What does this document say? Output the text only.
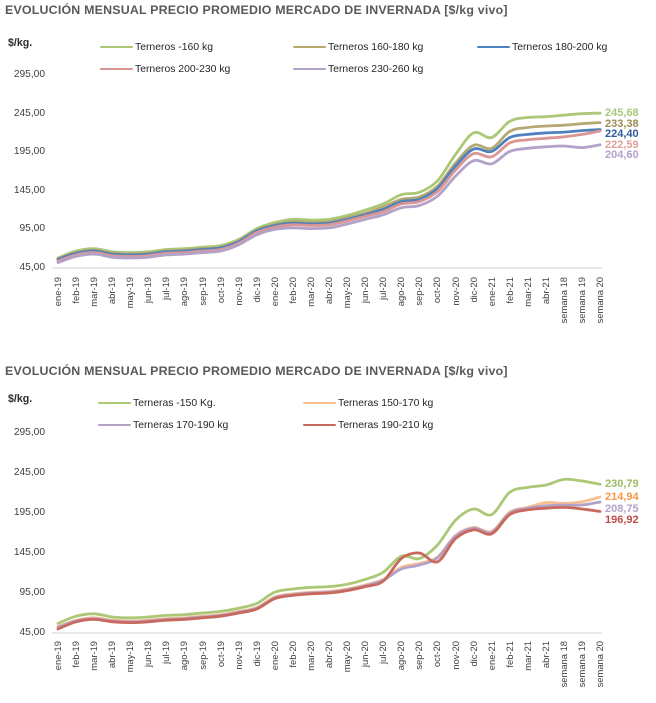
EVOLUCIÓN MENSUAL PRECIO PROMEDIO MERCADO DE INVERNADA [$/kg vivo]
$/kg.	Terneros -160 kg	Terneros 160-180 kg	Terneros 180-200 kg
Terneros 200-230 kg	Terneros 230-260 kg
295,00
245,00
195,00
145,00
95,00
45,00
ene-19 feb-19 mar-19 abr-19 may-19 jun-19 jul-19 ago-19 sep-19 oct-19 nov-19 dic-19 ene-20 feb-20 mar-20 abr-20 may-20 jun-20 jul-20 ago-20 sep-20 oct-20 nov-20 dic-20 ene-21 feb-21 mar-21 abr-21 semana 18 semana 19 semana 20
245,68
233,38
224,40
222,59
204,60
EVOLUCIÓN MENSUAL PRECIO PROMEDIO MERCADO DE INVERNADA [$/kg vivo]
$/kg.	Terneras -150 Kg.	Terneras 150-170 kg
Terneras 170-190 kg	Terneras 190-210 kg
295,00
245,00
195,00
145,00
95,00
45,00
ene-19 feb-19 mar-19 abr-19 may-19 jun-19 jul-19 ago-19 sep-19 oct-19 nov-19 dic-19 ene-20 feb-20 mar-20 abr-20 may-20 jun-20 jul-20 ago-20 sep-20 oct-20 nov-20 dic-20 ene-21 feb-21 mar-21 abr-21 semana 18 semana 19 semana 20
230,79
214,94
208,75
196,92
